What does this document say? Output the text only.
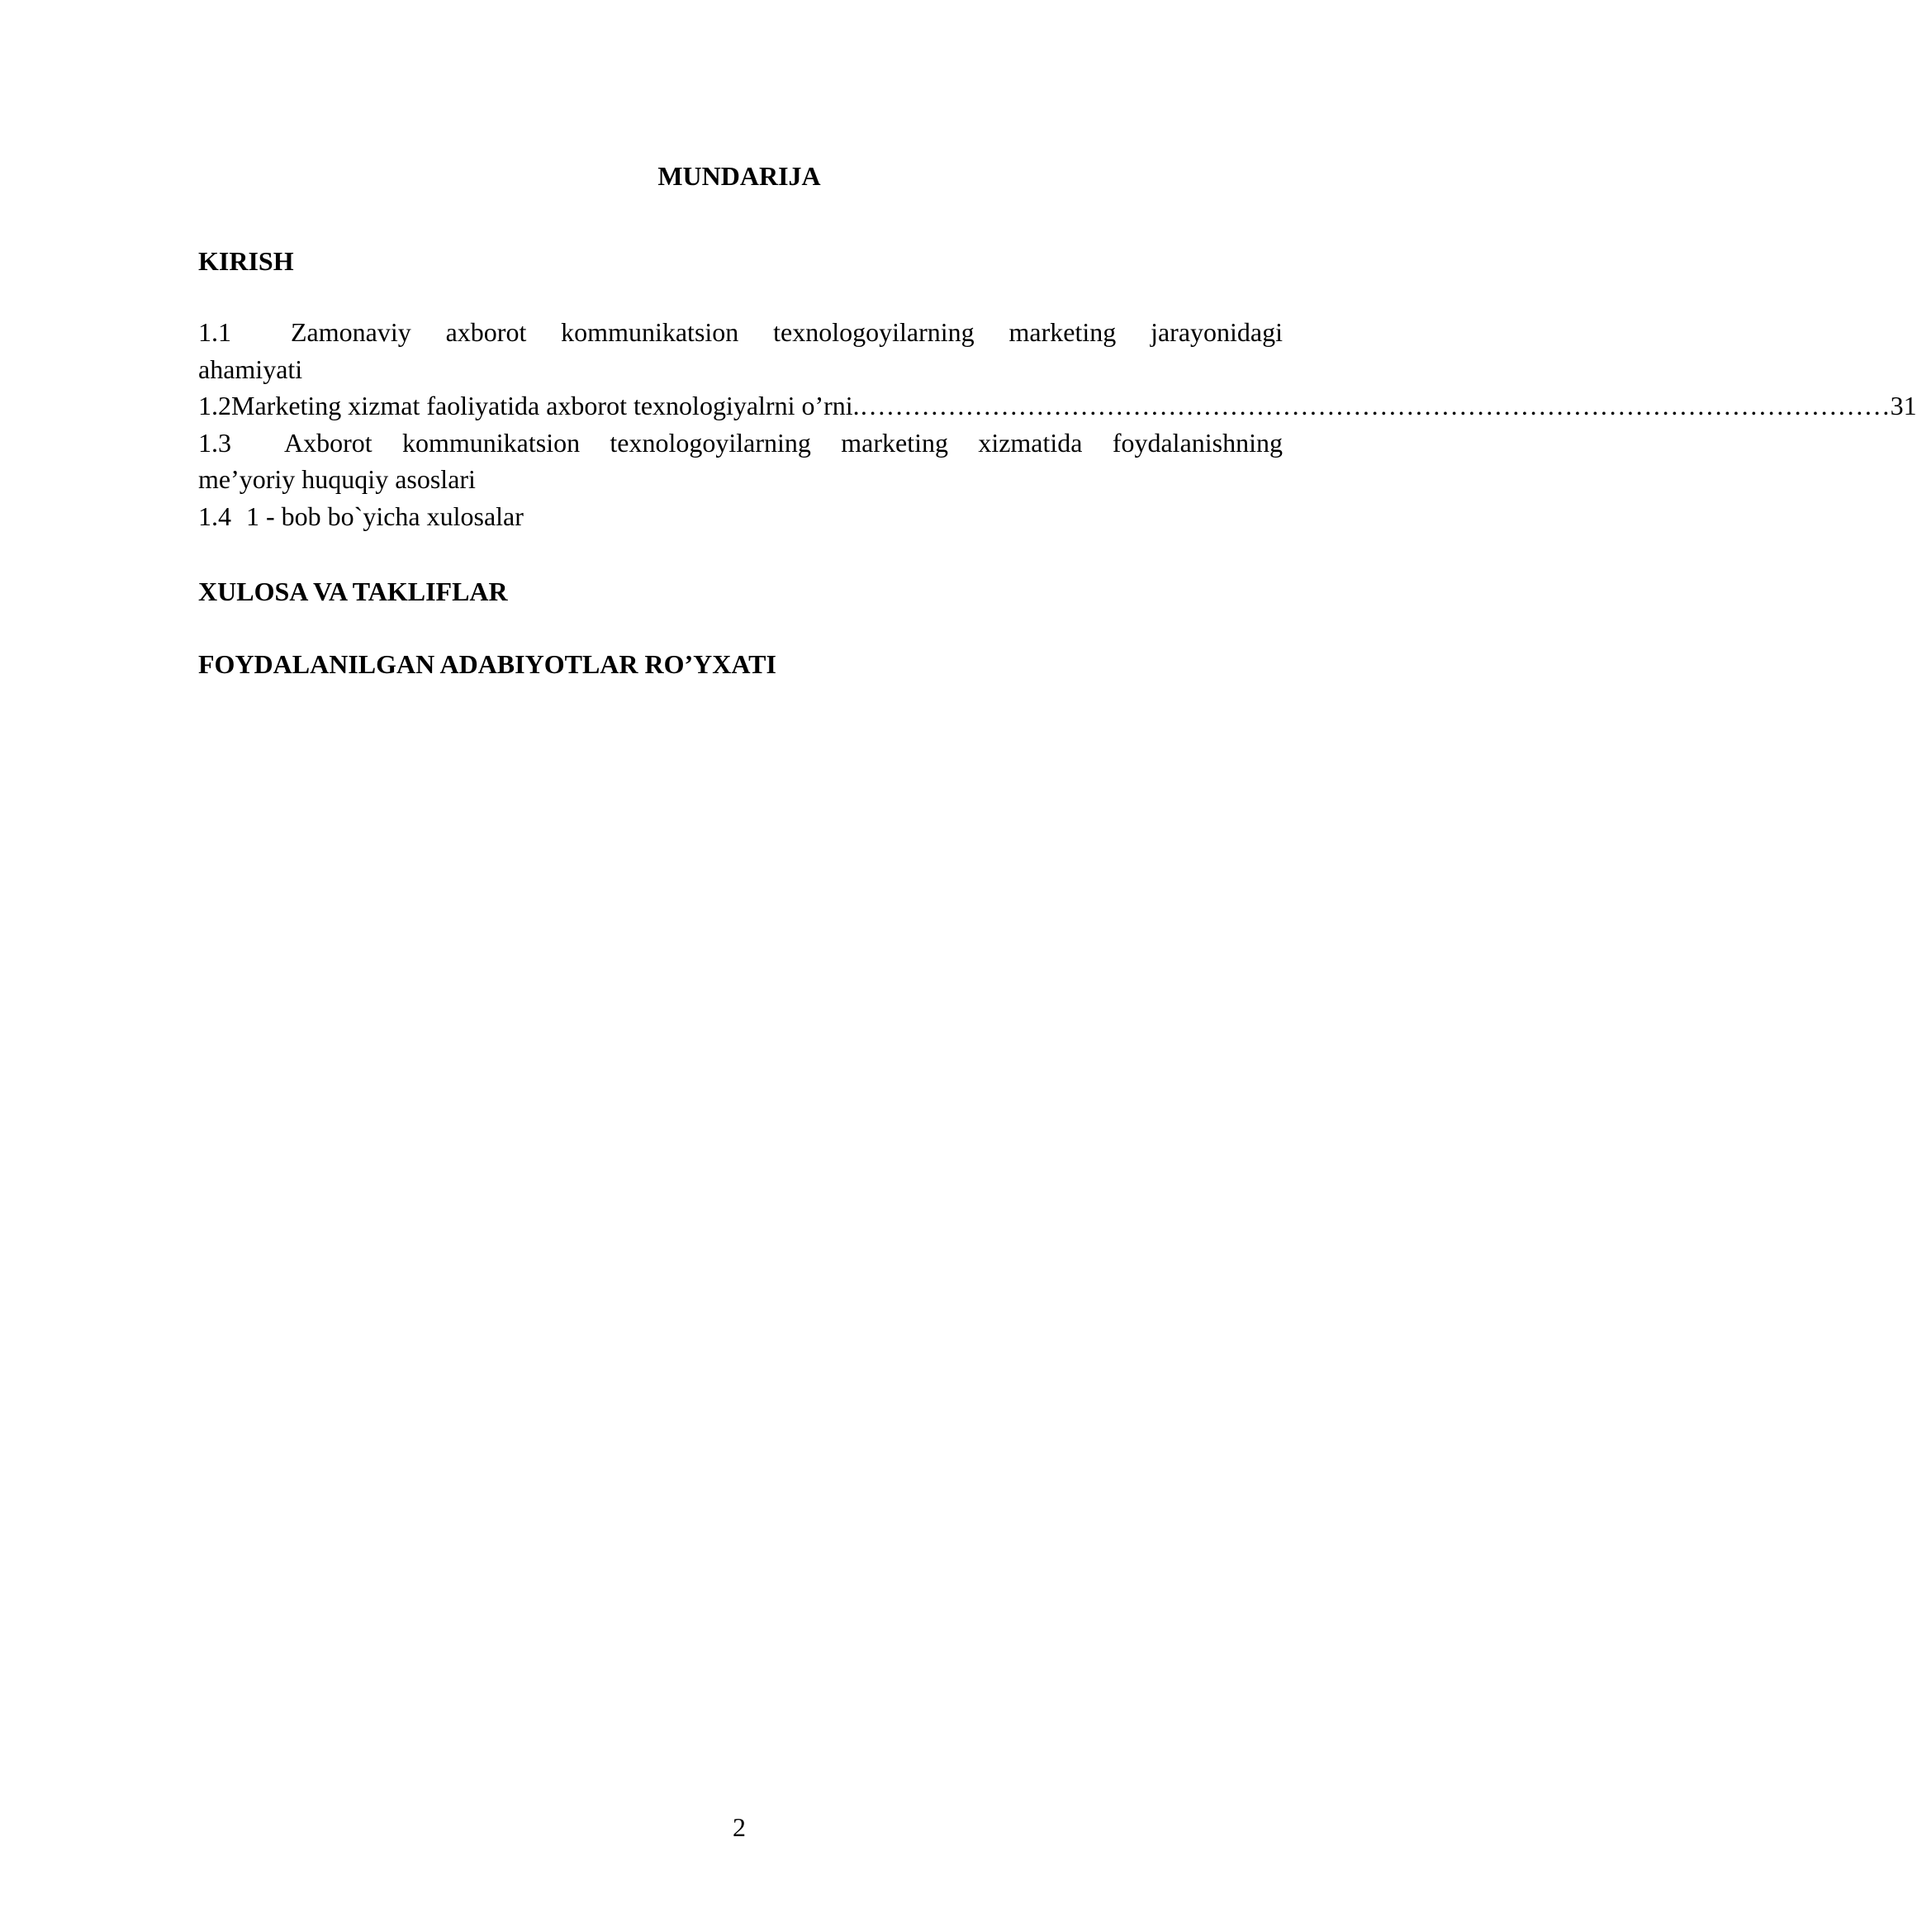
MUNDARIJA
KIRISH
1.1 Zamonaviy axborot kommunikatsion texnologoyilarning marketing jarayonidagi
ahamiyati
1.2 Marketing xizmat faoliyatida axborot texnologiyalrni o’rni. ……………………………………………………………………………………………………… 31
1.3 Axborot kommunikatsion texnologoyilarning marketing xizmatida foydalanishning
me’yoriy huquqiy asoslari
1.4 1 - bob bo`yicha xulosalar
XULOSA VA TAKLIFLAR
FOYDALANILGAN ADABIYOTLAR RO’YXATI
2
